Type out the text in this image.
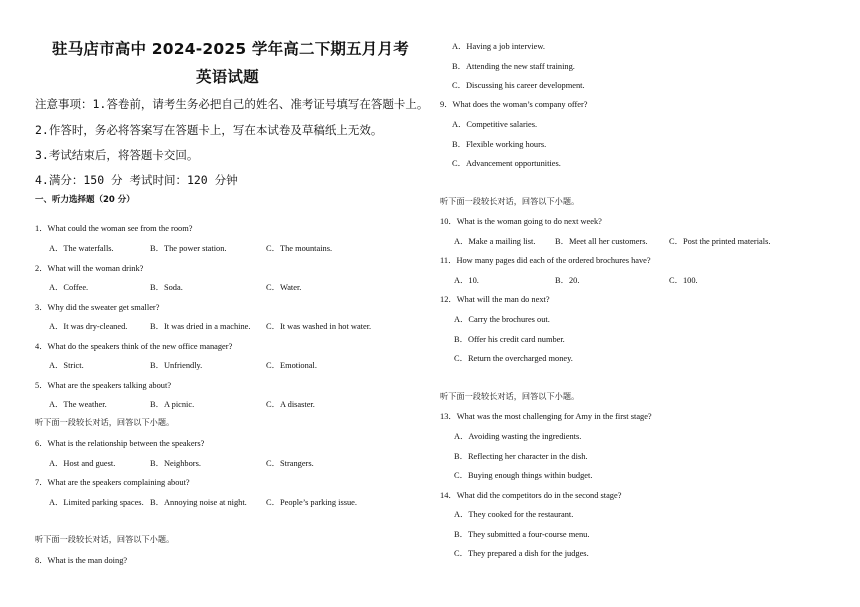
驻马店市高中 2024-2025 学年高二下期五月月考
英语试题
注意事项：1.答卷前，请考生务必把自己的姓名、准考证号填写在答题卡上。
2.作答时，务必将答案写在答题卡上，写在本试卷及草稿纸上无效。
3.考试结束后，将答题卡交回。
4.满分：150 分 考试时间：120 分钟
一、听力选择题（20 分）
1．What could the woman see from the room?
A．The waterfalls.	B．The power station.	C．The mountains.
2．What will the woman drink?
A．Coffee.	B．Soda.	C．Water.
3．Why did the sweater get smaller?
A．It was dry-cleaned.	B．It was dried in a machine. C．It was washed in hot water.
4．What do the speakers think of the new office manager?
A．Strict.	B．Unfriendly.	C．Emotional.
5．What are the speakers talking about?
A．The weather.	B．A picnic.	C．A disaster.
听下面一段较长对话，回答以下小题。
6．What is the relationship between the speakers?
A．Host and guest.	B．Neighbors.	C．Strangers.
7．What are the speakers complaining about?
A．Limited parking spaces. B．Annoying noise at night. C．People’s parking issue.
听下面一段较长对话，回答以下小题。
8．What is the man doing?
A．Having a job interview.
B．Attending the new staff training.
C．Discussing his career development.
9．What does the woman’s company offer?
A．Competitive salaries.
B．Flexible working hours.
C．Advancement opportunities.
听下面一段较长对话，回答以下小题。
10．What is the woman going to do next week?
A．Make a mailing list. B．Meet all her customers.	C．Post the printed materials.
11．How many pages did each of the ordered brochures have?
A．10.	B．20.	C．100.
12．What will the man do next?
A．Carry the brochures out.
B．Offer his credit card number.
C．Return the overcharged money.
听下面一段较长对话，回答以下小题。
13．What was the most challenging for Amy in the first stage?
A．Avoiding wasting the ingredients.
B．Reflecting her character in the dish.
C．Buying enough things within budget.
14．What did the competitors do in the second stage?
A．They cooked for the restaurant.
B．They submitted a four-course menu.
C．They prepared a dish for the judges.
